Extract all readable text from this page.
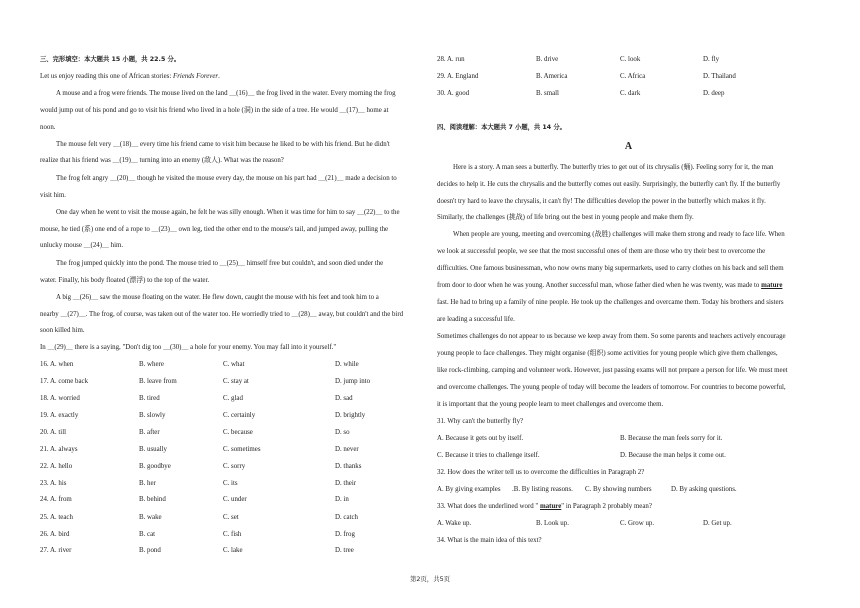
三、完形填空：本大题共 15 小题，共 22.5 分。
Let us enjoy reading this one of African stories: Friends Forever.
A mouse and a frog were friends. The mouse lived on the land ＿(16)＿ the frog lived in the water. Every morning the frog
would jump out of his pond and go to visit his friend who lived in a hole (洞) in the side of a tree. He would ＿(17)＿ home at
noon.
The mouse felt very ＿(18)＿ every time his friend came to visit him because he liked to be with his friend. But he didn't
realize that his friend was ＿(19)＿ turning into an enemy (敌人). What was the reason?
The frog felt angry ＿(20)＿ though he visited the mouse every day, the mouse on his part had ＿(21)＿ made a decision to
visit him.
One day when he went to visit the mouse again, he felt he was silly enough. When it was time for him to say ＿(22)＿ to the
mouse, he tied (系) one end of a rope to ＿(23)＿ own leg, tied the other end to the mouse's tail, and jumped away, pulling the
unlucky mouse ＿(24)＿ him.
The frog jumped quickly into the pond. The mouse tried to ＿(25)＿ himself free but couldn't, and soon died under the
water. Finally, his body floated (漂浮) to the top of the water.
A big ＿(26)＿ saw the mouse floating on the water. He flew down, caught the mouse with his feet and took him to a
nearby ＿(27)＿. The frog, of course, was taken out of the water too. He worriedly tried to ＿(28)＿ away, but couldn't and the bird
soon killed him.
In ＿(29)＿ there is a saying, "Don't dig too ＿(30)＿ a hole for your enemy. You may fall into it yourself."
16. A. when	B. where	C. what	D. while
17. A. come back	B. leave from	C. stay at	D. jump into
18. A. worried	B. tired	C. glad	D. sad
19. A. exactly	B. slowly	C. certainly	D. brightly
20. A. till	B. after	C. because	D. so
21. A. always	B. usually	C. sometimes	D. never
22. A. hello	B. goodbye	C. sorry	D. thanks
23. A. his	B. her	C. its	D. their
24. A. from	B. behind	C. under	D. in
25. A. teach	B. wake	C. set	D. catch
26. A. bird	B. cat	C. fish	D. frog
27. A. river	B. pond	C. lake	D. tree
28. A. run	B. drive	C. look	D. fly
29. A. England	B. America	C. Africa	D. Thailand
30. A. good	B. small	C. dark	D. deep
四、阅读理解：本大题共 7 小题，共 14 分。
A
Here is a story. A man sees a butterfly. The butterfly tries to get out of its chrysalis (蛹). Feeling sorry for it, the man
decides to help it. He cuts the chrysalis and the butterfly comes out easily. Surprisingly, the butterfly can't fly. If the butterfly
doesn't try hard to leave the chrysalis, it can't fly! The difficulties develop the power in the butterfly which makes it fly.
Similarly, the challenges (挑战) of life bring out the best in young people and make them fly.
When people are young, meeting and overcoming (战胜) challenges will make them strong and ready to face life. When
we look at successful people, we see that the most successful ones of them are those who try their best to overcome the
difficulties. One famous businessman, who now owns many big supermarkets, used to carry clothes on his back and sell them
from door to door when he was young. Another successful man, whose father died when he was twenty, was made to mature
fast. He had to bring up a family of nine people. He took up the challenges and overcame them. Today his brothers and sisters
are leading a successful life.
Sometimes challenges do not appear to us because we keep away from them. So some parents and teachers actively encourage
young people to face challenges. They might organise (组织) some activities for young people which give them challenges,
like rock-climbing, camping and volunteer work. However, just passing exams will not prepare a person for life. We must meet
and overcome challenges. The young people of today will become the leaders of tomorrow. For countries to become powerful,
it is important that the young people learn to meet challenges and overcome them.
31. Why can't the butterfly fly?
A. Because it gets out by itself.	B. Because the man feels sorry for it.
C. Because it tries to challenge itself.	D. Because the man helps it come out.
32. How does the writer tell us to overcome the difficulties in Paragraph 2?
A. By giving examples .B. By listing reasons. C. By showing numbers	D. By asking questions.
33. What does the underlined word " mature" in Paragraph 2 probably mean?
A. Wake up.	B. Look up.	C. Grow up.	D. Get up.
34. What is the main idea of this text?
第2页，共5页
